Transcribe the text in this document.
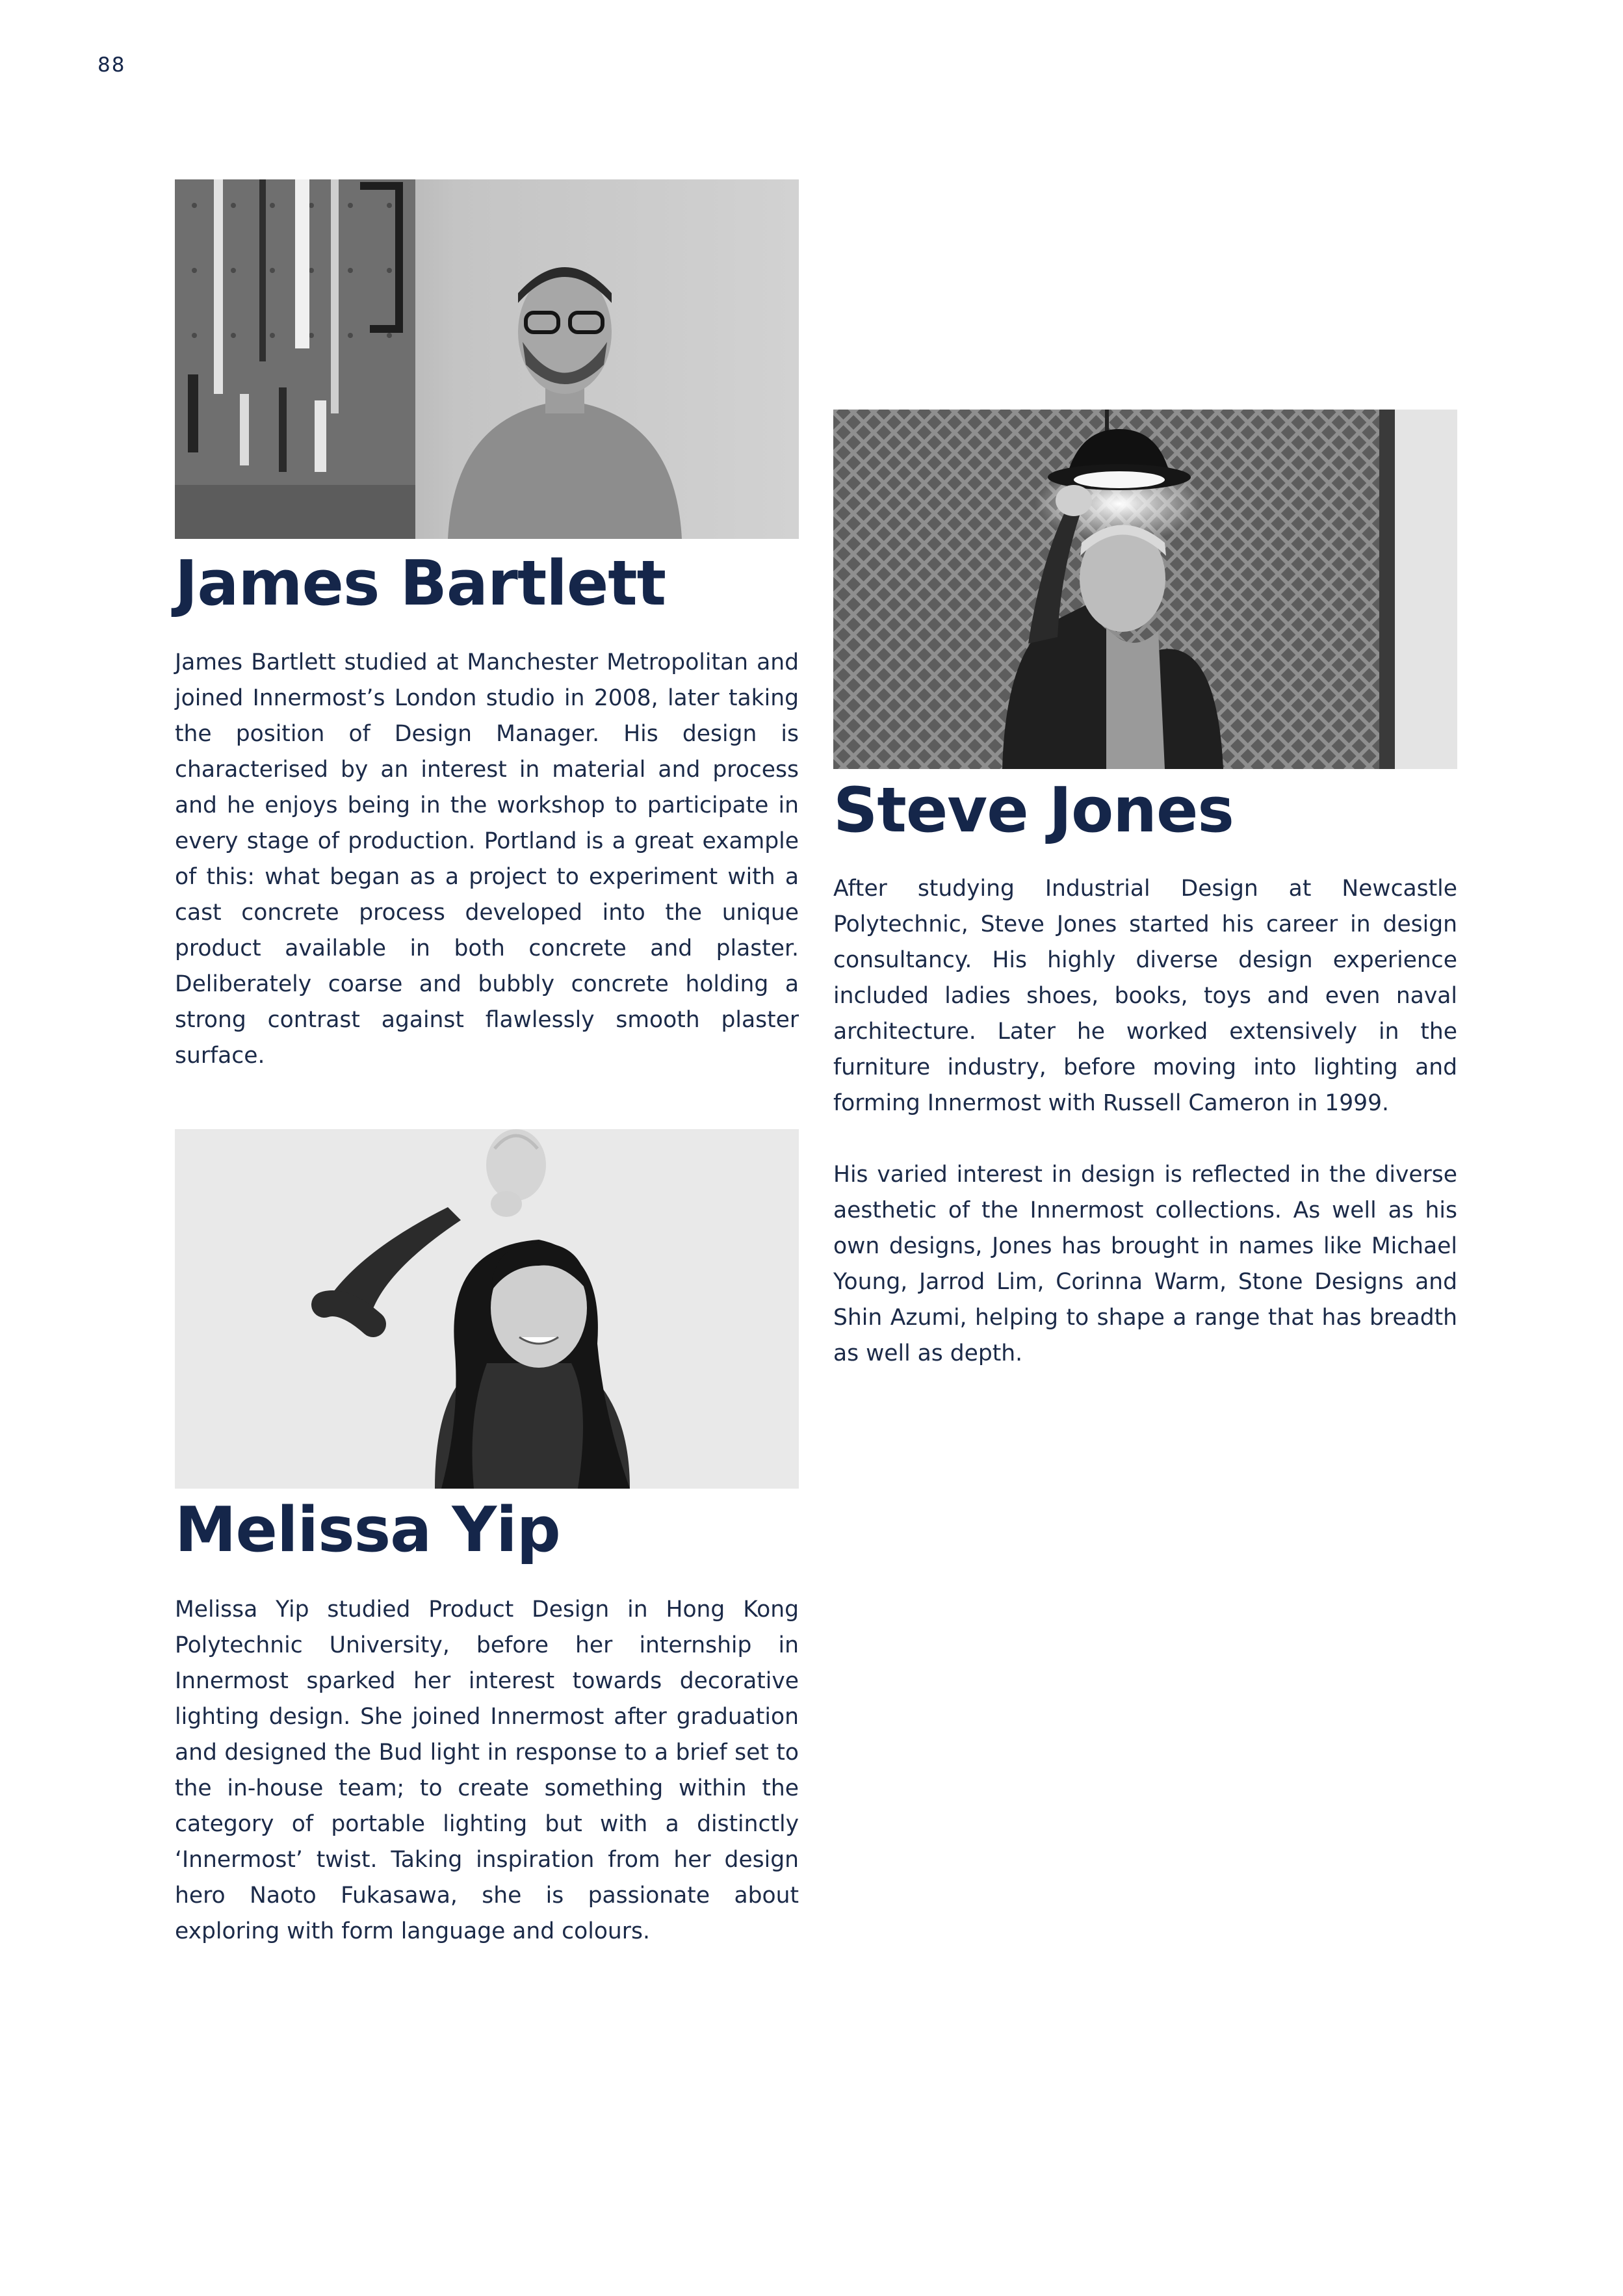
88
James Bartlett

James Bartlett studied at Manchester Metropolitan and joined Innermost’s London studio in 2008, later taking the position of Design Manager. His design is characterised by an interest in material and process and he enjoys being in the workshop to participate in every stage of production. Portland is a great example of this: what began as a project to experiment with a cast concrete process developed into the unique product available in both concrete and plaster. Deliberately coarse and bubbly concrete holding a strong contrast against flawlessly smooth plaster surface.

Steve Jones

After studying Industrial Design at Newcastle Polytechnic, Steve Jones started his career in design consultancy. His highly diverse design experience included ladies shoes, books, toys and even naval architecture. Later he worked extensively in the furniture industry, before moving into lighting and forming Innermost with Russell Cameron in 1999.

His varied interest in design is reflected in the diverse aesthetic of the Innermost collections. As well as his own designs, Jones has brought in names like Michael Young, Jarrod Lim, Corinna Warm, Stone Designs and Shin Azumi, helping to shape a range that has breadth as well as depth.

Melissa Yip

Melissa Yip studied Product Design in Hong Kong Polytechnic University, before her internship in Innermost sparked her interest towards decorative lighting design. She joined Innermost after graduation and designed the Bud light in response to a brief set to the in-house team; to create something within the category of portable lighting but with a distinctly ‘Innermost’ twist. Taking inspiration from her design hero Naoto Fukasawa, she is passionate about exploring with form language and colours.
